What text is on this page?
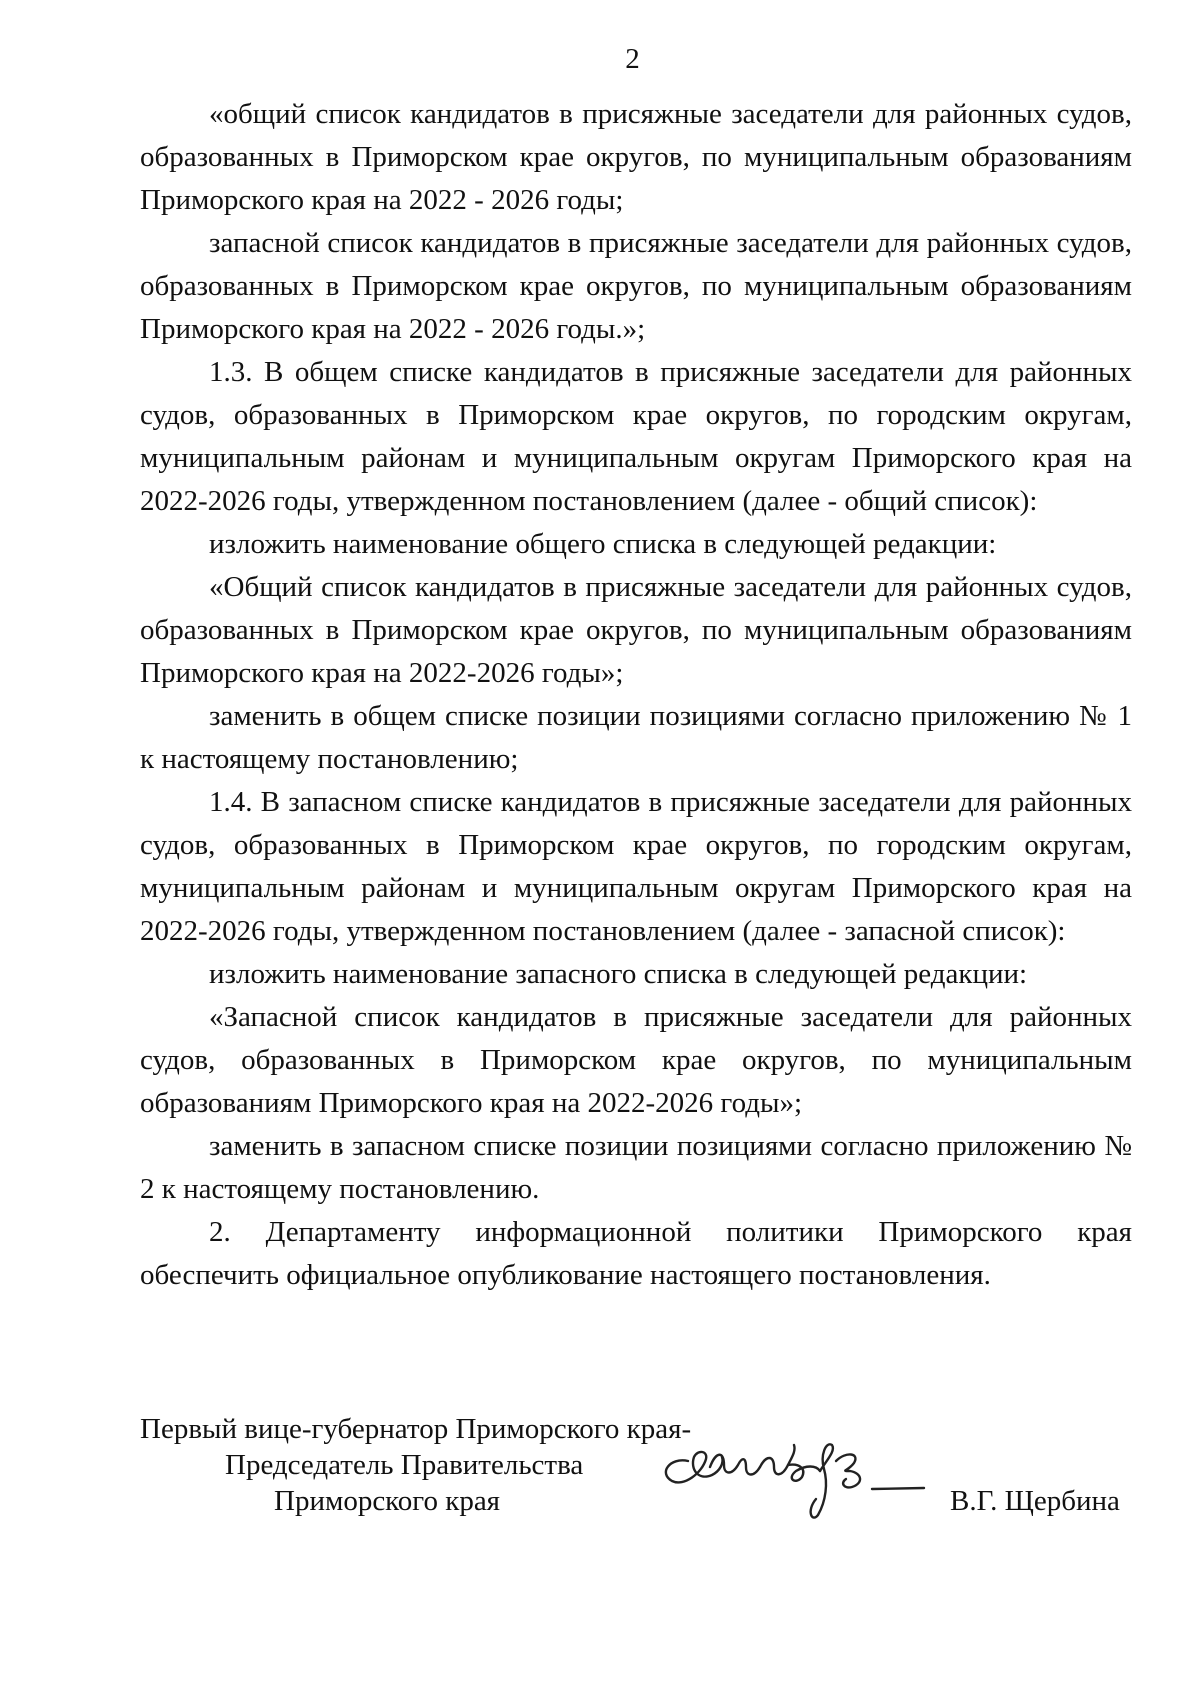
2

«общий список кандидатов в присяжные заседатели для районных судов, образованных в Приморском крае округов, по муниципальным образованиям Приморского края на 2022 - 2026 годы;

запасной список кандидатов в присяжные заседатели для районных судов, образованных в Приморском крае округов, по муниципальным образованиям Приморского края на 2022 - 2026 годы.»;

1.3. В общем списке кандидатов в присяжные заседатели для районных судов, образованных в Приморском крае округов, по городским округам, муниципальным районам и муниципальным округам Приморского края на 2022-2026 годы, утвержденном постановлением (далее - общий список):

изложить наименование общего списка в следующей редакции:

«Общий список кандидатов в присяжные заседатели для районных судов, образованных в Приморском крае округов, по муниципальным образованиям Приморского края на 2022-2026 годы»;

заменить в общем списке позиции позициями согласно приложению № 1 к настоящему постановлению;

1.4. В запасном списке кандидатов в присяжные заседатели для районных судов, образованных в Приморском крае округов, по городским округам, муниципальным районам и муниципальным округам Приморского края на 2022-2026 годы, утвержденном постановлением (далее - запасной список):

изложить наименование запасного списка в следующей редакции:

«Запасной список кандидатов в присяжные заседатели для районных судов, образованных в Приморском крае округов, по муниципальным образованиям Приморского края на 2022-2026 годы»;

заменить в запасном списке позиции позициями согласно приложению № 2 к настоящему постановлению.

2. Департаменту информационной политики Приморского края обеспечить официальное опубликование настоящего постановления.

Первый вице-губернатор Приморского края-
Председатель Правительства
Приморского края	В.Г. Щербина
